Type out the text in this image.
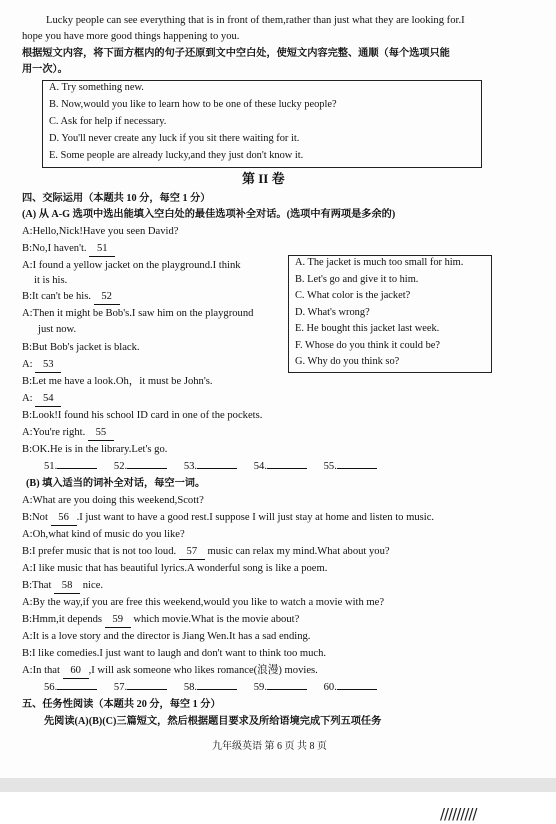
Lucky people can see everything that is in front of them,rather than just what they are looking for.I
hope you have more good things happening to you.
根据短文内容，将下面方框内的句子还原到文中空白处，使短文内容完整、通顺（每个选项只能
用一次）。
A. Try something new.
B. Now,would you like to learn how to be one of these lucky people?
C. Ask for help if necessary.
D. You'll never create any luck if you sit there waiting for it.
E. Some people are already lucky,and they just don't know it.
第 II 卷
四、交际运用（本题共 10 分，每空 1 分）
(A) 从 A-G 选项中选出能填入空白处的最佳选项补全对话。(选项中有两项是多余的)
A:Hello,Nick!Have you seen David?
B:No,I haven't. 51
A:I found a yellow jacket on the playground.I think
it is his.
B:It can't be his. 52
A:Then it might be Bob's.I saw him on the playground
just now.
B:But Bob's jacket is black.
A: 53
B:Let me have a look.Oh，it must be John's.
A: 54
B:Look!I found his school ID card in one of the pockets.
A:You're right. 55
B:OK.He is in the library.Let's go.
A. The jacket is much too small for him.
B. Let's go and give it to him.
C. What color is the jacket?
D. What's wrong?
E. He bought this jacket last week.
F. Whose do you think it could be?
G. Why do you think so?
51.	52.	53.	54.	55.
(B) 填入适当的词补全对话，每空一词。
A:What are you doing this weekend,Scott?
B:Not 56 .I just want to have a good rest.I suppose I will just stay at home and listen to music.
A:Oh,what kind of music do you like?
B:I prefer music that is not too loud. 57 music can relax my mind.What about you?
A:I like music that has beautiful lyrics.A wonderful song is like a poem.
B:That 58 nice.
A:By the way,if you are free this weekend,would you like to watch a movie with me?
B:Hmm,it depends 59 which movie.What is the movie about?
A:It is a love story and the director is Jiang Wen.It has a sad ending.
B:I like comedies.I just want to laugh and don't want to think too much.
A:In that 60 ,I will ask someone who likes romance(浪漫) movies.
56.	57.	58.	59.	60.
五、任务性阅读（本题共 20 分，每空 1 分）
先阅读(A)(B)(C)三篇短文，然后根据题目要求及所给语境完成下列五项任务
九年级英语 第 6 页 共 8 页
/////////
